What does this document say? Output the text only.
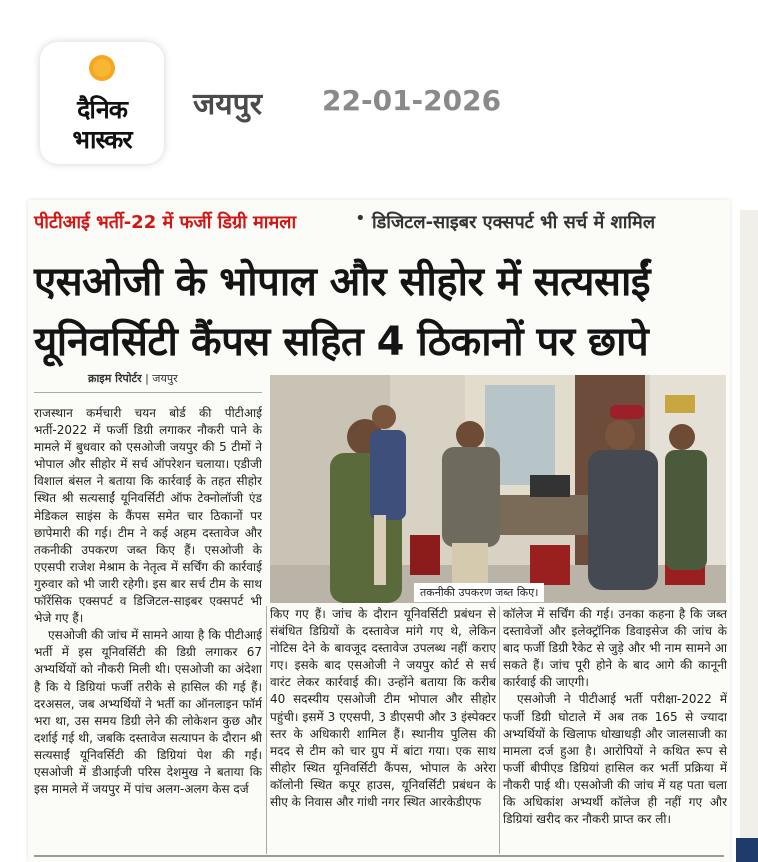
दैनिक
भास्कर
जयपुर 22-01-2026
पीटीआई भर्ती-22 में फर्जी डिग्री मामला	• डिजिटल-साइबर एक्सपर्ट भी सर्च में शामिल
एसओजी के भोपाल और सीहोर में सत्यसाईं
यूनिवर्सिटी कैंपस सहित 4 ठिकानों पर छापे
क्राइम रिपोर्टर | जयपुर

राजस्थान कर्मचारी चयन बोर्ड की पीटीआई भर्ती-2022 में फर्जी डिग्री लगाकर नौकरी पाने के मामले में बुधवार को एसओजी जयपुर की 5 टीमों ने भोपाल और सीहोर में सर्च ऑपरेशन चलाया। एडीजी विशाल बंसल ने बताया कि कार्रवाई के तहत सीहोर स्थित श्री सत्यसाईं यूनिवर्सिटी ऑफ टेक्नोलॉजी एंड मेडिकल साइंस के कैंपस समेत चार ठिकानों पर छापेमारी की गई। टीम ने कई अहम दस्तावेज और तकनीकी उपकरण जब्त किए हैं। एसओजी के एएसपी राजेश मेश्राम के नेतृत्व में सर्चिंग की कार्रवाई गुरुवार को भी जारी रहेगी। इस बार सर्च टीम के साथ फॉरेंसिक एक्सपर्ट व डिजिटल-साइबर एक्सपर्ट भी भेजे गए हैं।

एसओजी की जांच में सामने आया है कि पीटीआई भर्ती में इस यूनिवर्सिटी की डिग्री लगाकर 67 अभ्यर्थियों को नौकरी मिली थी। एसओजी का अंदेशा है कि ये डिग्रियां फर्जी तरीके से हासिल की गई हैं। दरअसल, जब अभ्यर्थियों ने भर्ती का ऑनलाइन फॉर्म भरा था, उस समय डिग्री लेने की लोकेशन कुछ और दर्शाई गई थी, जबकि दस्तावेज सत्यापन के दौरान श्री सत्यसाईं यूनिवर्सिटी की डिग्रियां पेश की गईं। एसओजी में डीआईजी परिस देशमुख ने बताया कि इस मामले में जयपुर में पांच अलग-अलग केस दर्ज

तकनीकी उपकरण जब्त किए।

किए गए हैं। जांच के दौरान यूनिवर्सिटी प्रबंधन से संबंधित डिग्रियों के दस्तावेज मांगे गए थे, लेकिन नोटिस देने के बावजूद दस्तावेज उपलब्ध नहीं कराए गए। इसके बाद एसओजी ने जयपुर कोर्ट से सर्च वारंट लेकर कार्रवाई की। उन्होंने बताया कि करीब 40 सदस्यीय एसओजी टीम भोपाल और सीहोर पहुंची। इसमें 3 एएसपी, 3 डीएसपी और 3 इंस्पेक्टर स्तर के अधिकारी शामिल हैं। स्थानीय पुलिस की मदद से टीम को चार ग्रुप में बांटा गया। एक साथ सीहोर स्थित यूनिवर्सिटी कैंपस, भोपाल के अरेरा कॉलोनी स्थित कपूर हाउस, यूनिवर्सिटी प्रबंधन के सीए के निवास और गांधी नगर स्थित आरकेडीएफ

कॉलेज में सर्चिंग की गई। उनका कहना है कि जब्त दस्तावेजों और इलेक्ट्रॉनिक डिवाइसेज की जांच के बाद फर्जी डिग्री रैकेट से जुड़े और भी नाम सामने आ सकते हैं। जांच पूरी होने के बाद आगे की कानूनी कार्रवाई की जाएगी।

एसओजी ने पीटीआई भर्ती परीक्षा-2022 में फर्जी डिग्री घोटाले में अब तक 165 से ज्यादा अभ्यर्थियों के खिलाफ धोखाधड़ी और जालसाजी का मामला दर्ज हुआ है। आरोपियों ने कथित रूप से फर्जी बीपीएड डिग्रियां हासिल कर भर्ती प्रक्रिया में नौकरी पाई थी। एसओजी की जांच में यह पता चला कि अधिकांश अभ्यर्थी कॉलेज ही नहीं गए और डिग्रियां खरीद कर नौकरी प्राप्त कर ली।
